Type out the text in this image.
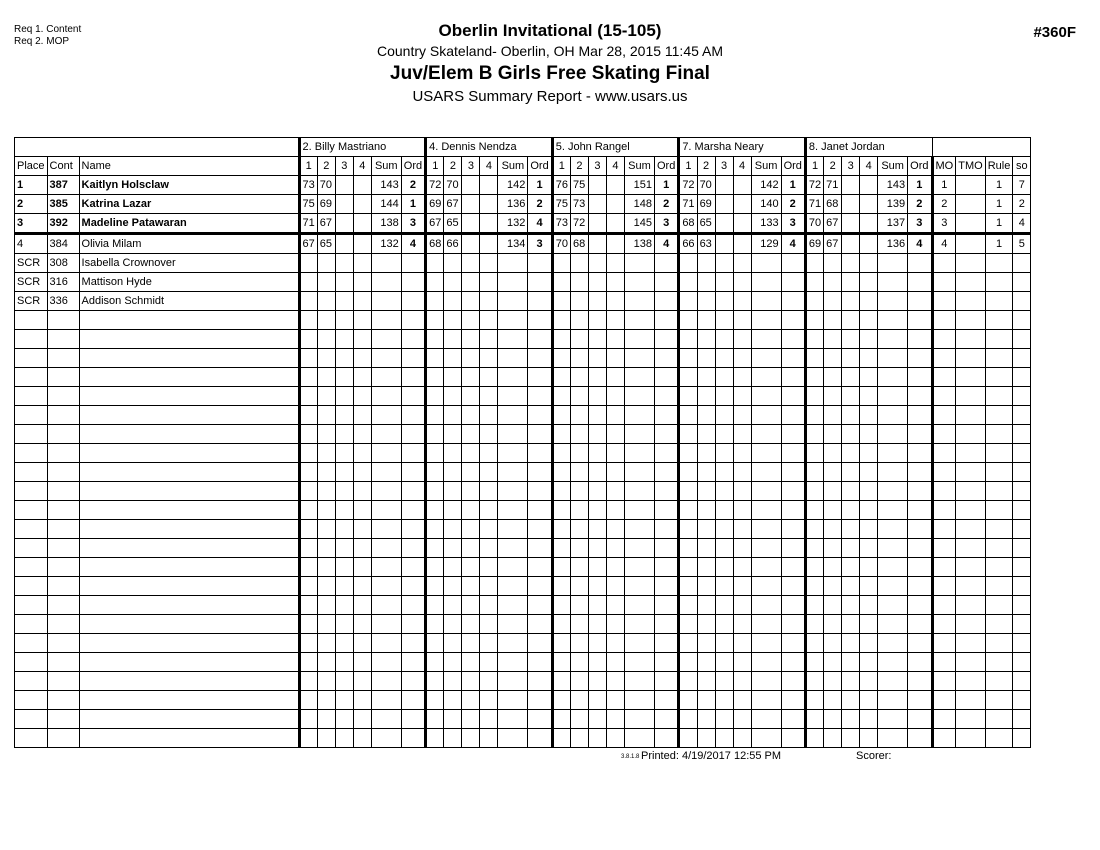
Req 1. Content
Req 2. MOP
#360F
Oberlin Invitational (15-105)
Country Skateland- Oberlin, OH Mar 28, 2015 11:45 AM
Juv/Elem B Girls Free Skating Final
USARS Summary Report - www.usars.us
			2. Billy Mastriano						4. Dennis Nendza						5. John Rangel						7. Marsha Neary						8. Janet Jordan									
Place	Cont	Name	1	2	3	4	Sum	Ord	1	2	3	4	Sum	Ord	1	2	3	4	Sum	Ord	1	2	3	4	Sum	Ord	1	2	3	4	Sum	Ord	MO	TMO	Rule	so
1	387	Kaitlyn Holsclaw	73	70			143	2	72	70			142	1	76	75			151	1	72	70			142	1	72	71			143	1	1		1	7
2	385	Katrina Lazar	75	69			144	1	69	67			136	2	75	73			148	2	71	69			140	2	71	68			139	2	2		1	2
3	392	Madeline Patawaran	71	67			138	3	67	65			132	4	73	72			145	3	68	65			133	3	70	67			137	3	3		1	4
4	384	Olivia Milam	67	65			132	4	68	66			134	3	70	68			138	4	66	63			129	4	69	67			136	4	4		1	5
SCR	308	Isabella Crownover																																		
SCR	316	Mattison Hyde																																		
SCR	336	Addison Schmidt																																		

3.8.1.8 Printed: 4/19/2017 12:55 PM	Scorer:
